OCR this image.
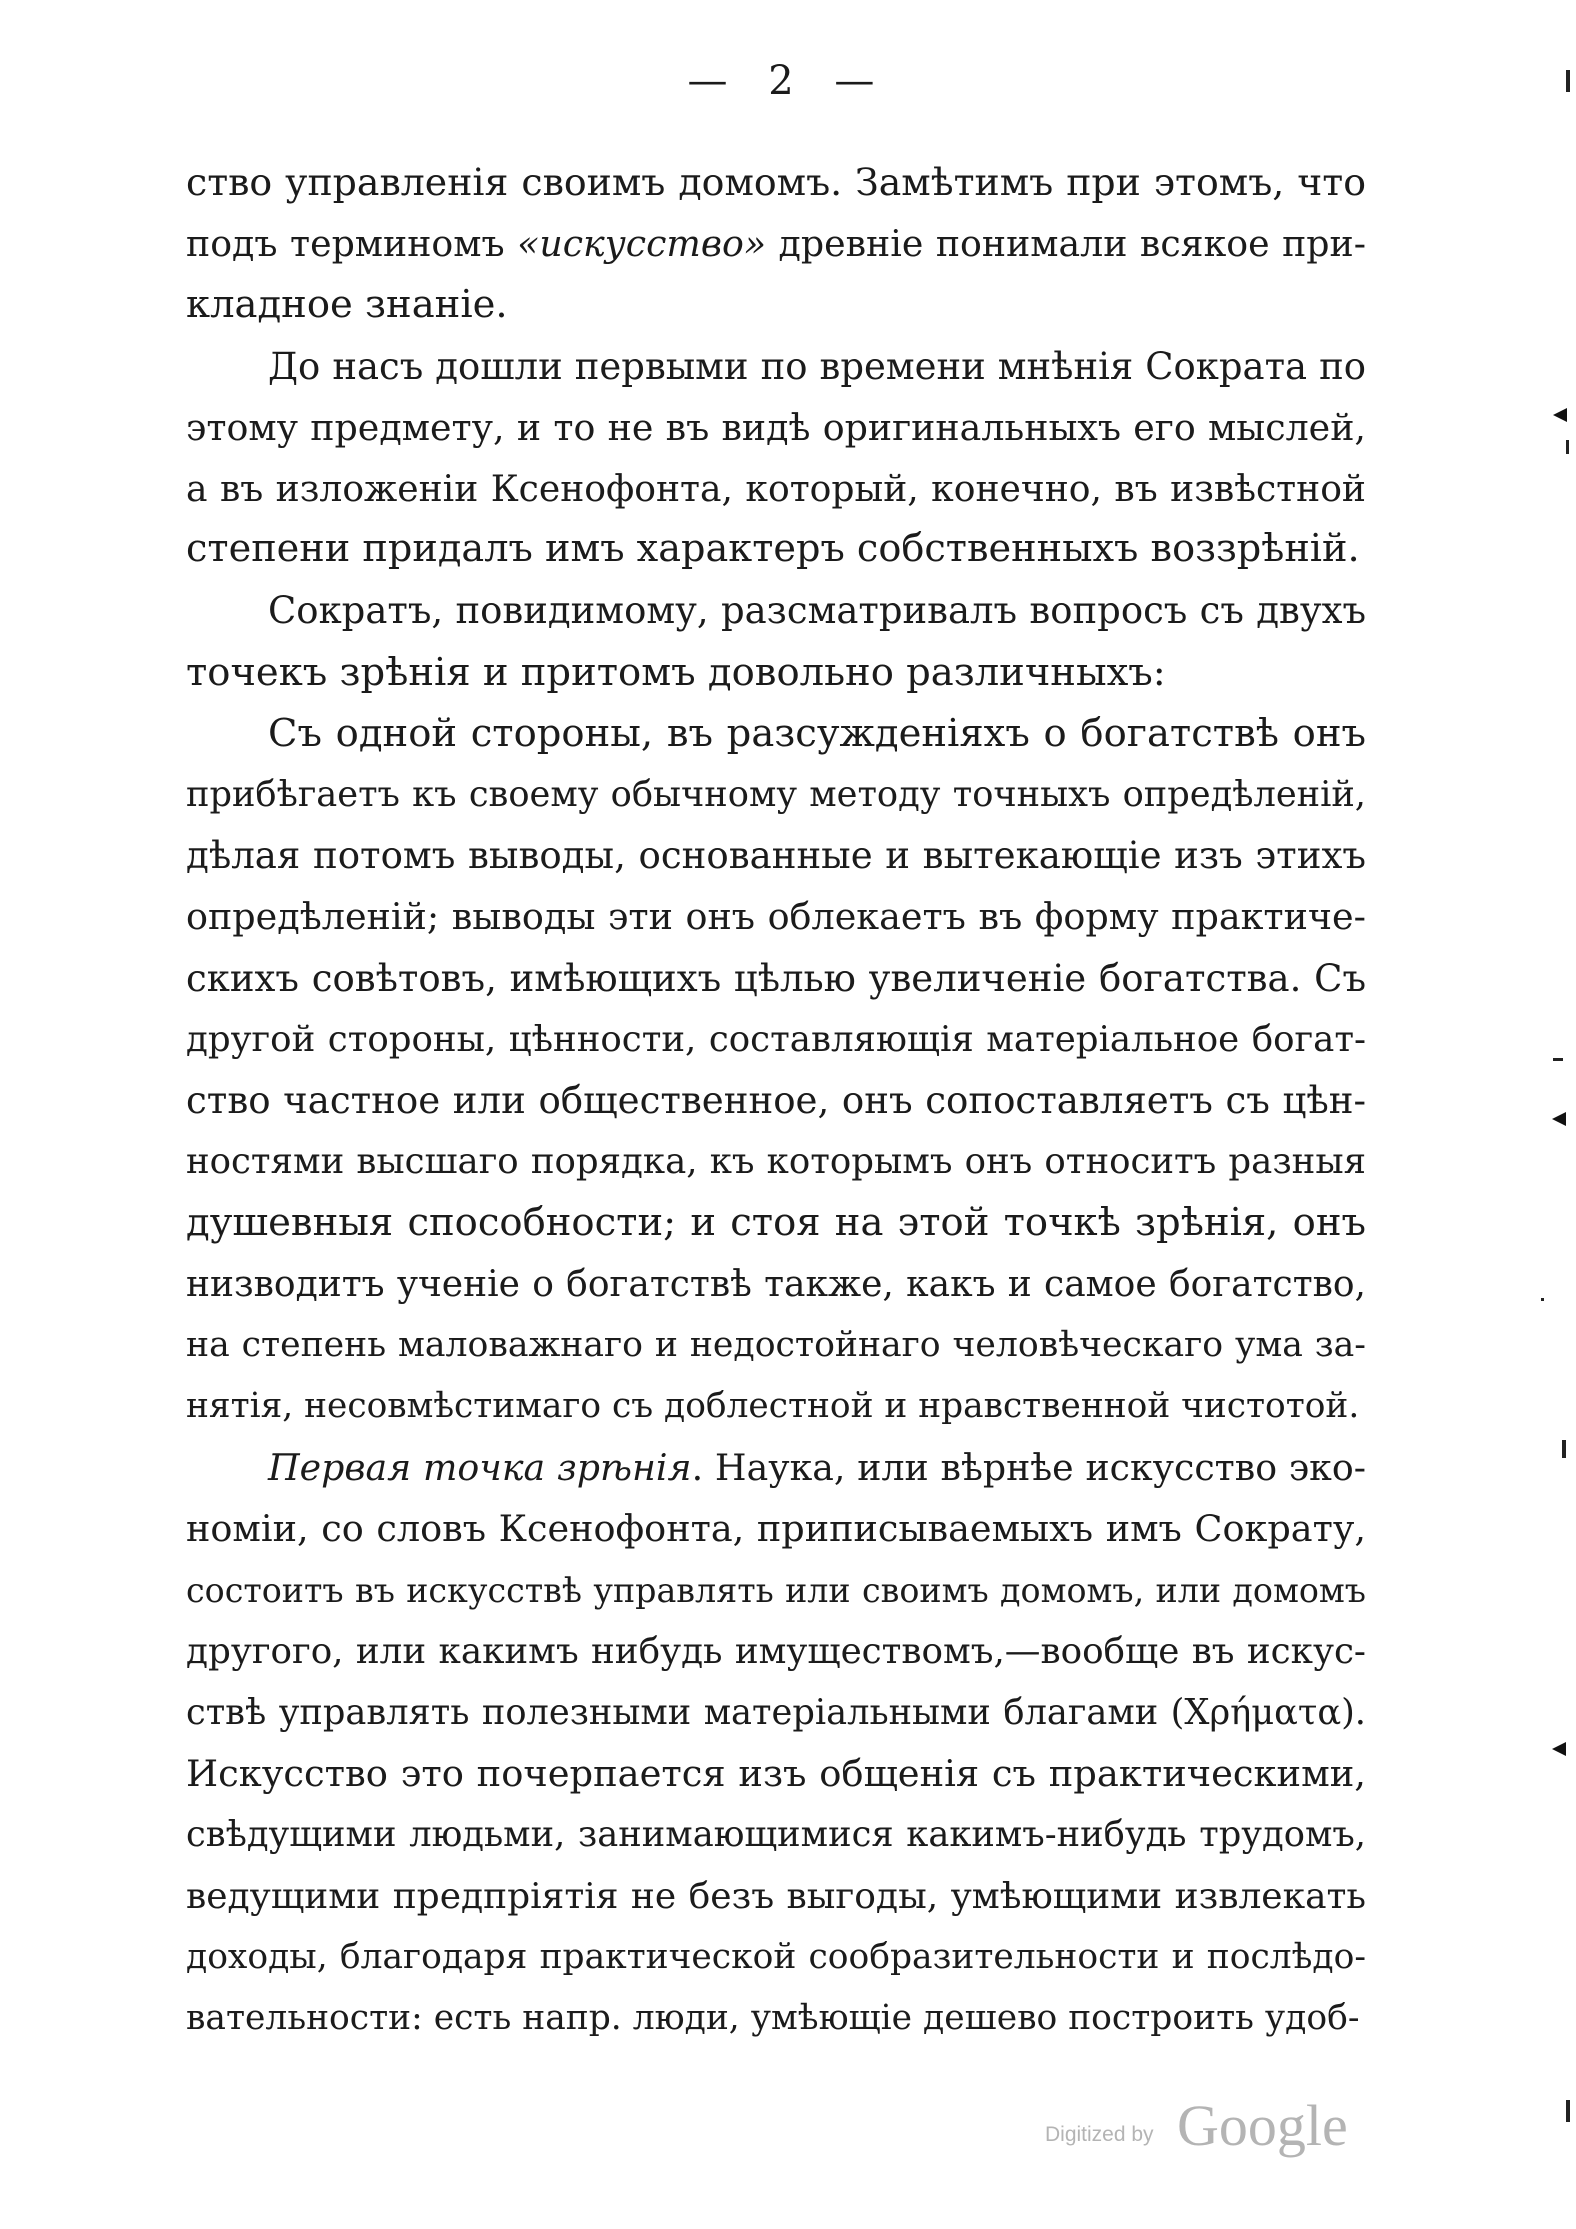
— 2 —
ство управленія своимъ домомъ. Замѣтимъ при этомъ, что
подъ терминомъ «искусство» древніе понимали всякое при-
кладное знаніе.
До насъ дошли первыми по времени мнѣнія Сократа по
этому предмету, и то не въ видѣ оригинальныхъ его мыслей,
а въ изложеніи Ксенофонта, который, конечно, въ извѣстной
степени придалъ имъ характеръ собственныхъ воззрѣній.
Сократъ, повидимому, разсматривалъ вопросъ съ двухъ
точекъ зрѣнія и притомъ довольно различныхъ:
Съ одной стороны, въ разсужденіяхъ о богатствѣ онъ
прибѣгаетъ къ своему обычному методу точныхъ опредѣленій,
дѣлая потомъ выводы, основанные и вытекающіе изъ этихъ
опредѣленій; выводы эти онъ облекаетъ въ форму практиче-
скихъ совѣтовъ, имѣющихъ цѣлью увеличеніе богатства. Съ
другой стороны, цѣнности, составляющія матеріальное богат-
ство частное или общественное, онъ сопоставляетъ съ цѣн-
ностями высшаго порядка, къ которымъ онъ относитъ разныя
душевныя способности; и стоя на этой точкѣ зрѣнія, онъ
низводитъ ученіе о богатствѣ также, какъ и самое богатство,
на степень маловажнаго и недостойнаго человѣческаго ума за-
нятія, несовмѣстимаго съ доблестной и нравственной чистотой.
Первая точка зрѣнія. Наука, или вѣрнѣе искусство эко-
номіи, со словъ Ксенофонта, приписываемыхъ имъ Сократу,
состоитъ въ искусствѣ управлять или своимъ домомъ, или домомъ
другого, или какимъ нибудь имуществомъ,—вообще въ искус-
ствѣ управлять полезными матеріальными благами (Χρήματα).
Искусство это почерпается изъ общенія съ практическими,
свѣдущими людьми, занимающимися какимъ-нибудь трудомъ,
ведущими предпріятія не безъ выгоды, умѣющими извлекать
доходы, благодаря практической сообразительности и послѣдо-
вательности: есть напр. люди, умѣющіе дешево построить удоб-
Digitized by Google
